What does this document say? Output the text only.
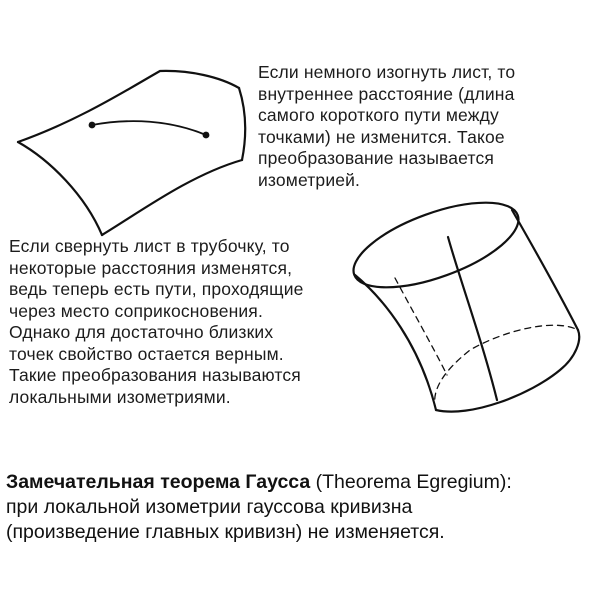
Если немного изогнуть лист, то
внутреннее расстояние (длина
самого короткого пути между
точками) не изменится. Такое
преобразование называется
изометрией.

Если свернуть лист в трубочку, то
некоторые расстояния изменятся,
ведь теперь есть пути, проходящие
через место соприкосновения.
Однако для достаточно близких
точек свойство остается верным.
Такие преобразования называются
локальными изометриями.

Замечательная теорема Гаусса (Theorema Egregium):
при локальной изометрии гауссова кривизна
(произведение главных кривизн) не изменяется.
